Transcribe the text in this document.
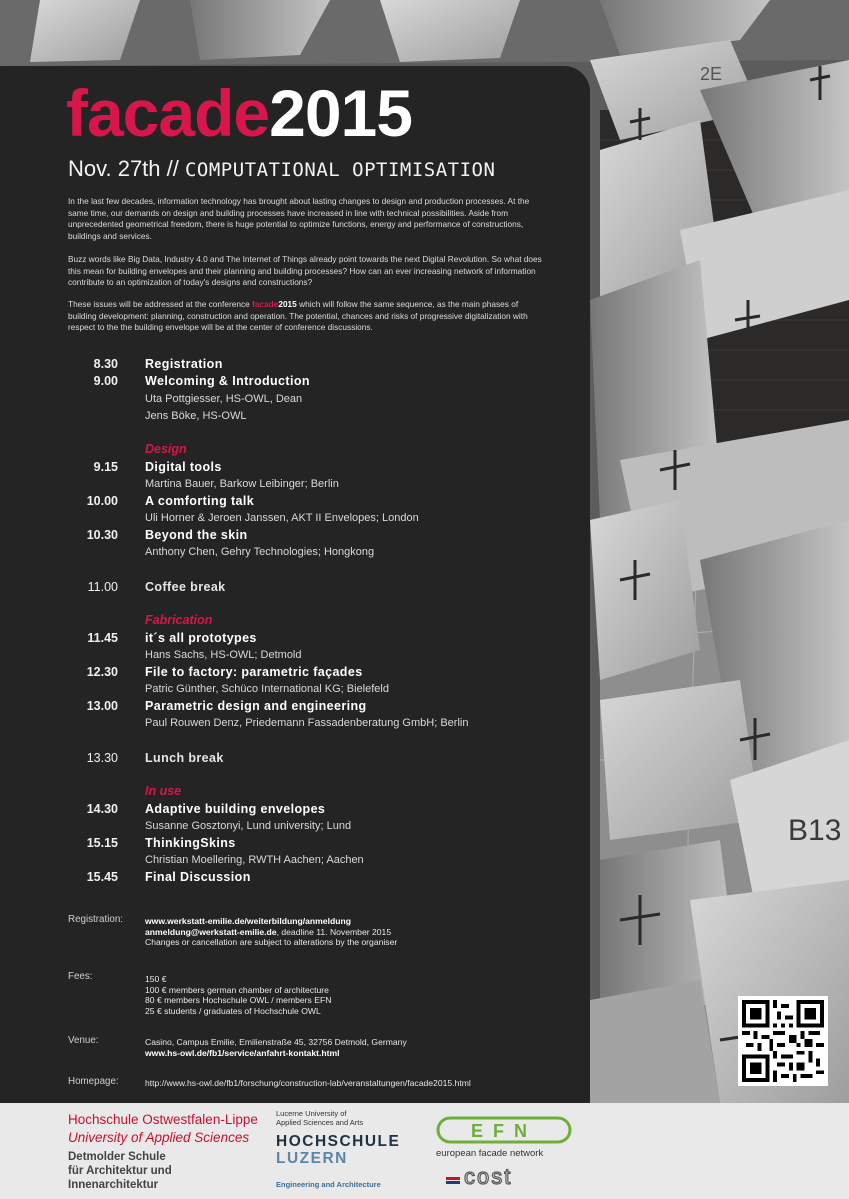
B13
2E
facade2015
Nov. 27th // COMPUTATIONAL OPTIMISATION

In the last few decades, information technology has brought about lasting changes to design and production processes. At the same time, our demands on design and building processes have increased in line with technical possibilities. Aside from unprecedented geometrical freedom, there is huge potential to optimize functions, energy and performance of constructions, buildings and services.

Buzz words like Big Data, Industry 4.0 and The Internet of Things already point towards the next Digital Revolution. So what does this mean for building envelopes and their planning and building processes? How can an ever increasing network of information contribute to an optimization of today's designs and constructions?

These issues will be addressed at the conference facade2015 which will follow the same sequence, as the main phases of building development: planning, construction and operation. The potential, chances and risks of progressive digitalization with respect to the the building envelope will be at the center of conference discussions.

8.30 Registration
9.00 Welcoming & Introduction
Uta Pottgiesser, HS-OWL, Dean
Jens Böke, HS-OWL
Design
9.15 Digital tools
Martina Bauer, Barkow Leibinger; Berlin
10.00 A comforting talk
Uli Horner & Jeroen Janssen, AKT II Envelopes; London
10.30 Beyond the skin
Anthony Chen, Gehry Technologies; Hongkong
11.00 Coffee break
Fabrication
11.45 it´s all prototypes
Hans Sachs, HS-OWL; Detmold
12.30 File to factory: parametric façades
Patric Günther, Schüco International KG; Bielefeld
13.00 Parametric design and engineering
Paul Rouwen Denz, Priedemann Fassadenberatung GmbH; Berlin
13.30 Lunch break
In use
14.30 Adaptive building envelopes
Susanne Gosztonyi, Lund university; Lund
15.15 ThinkingSkins
Christian Moellering, RWTH Aachen; Aachen
15.45 Final Discussion
Registration:	www.werkstatt-emilie.de/weiterbildung/anmeldung
anmeldung@werkstatt-emilie.de, deadline 11. November 2015
Changes or cancellation are subject to alterations by the organiser
Fees:	150 €
100 € members german chamber of architecture
80 € members Hochschule OWL / members EFN
25 € students / graduates of Hochschule OWL
Venue:	Casino, Campus Emilie, Emilienstraße 45, 32756 Detmold, Germany
www.hs-owl.de/fb1/service/anfahrt-kontakt.html
Homepage:	http://www.hs-owl.de/fb1/forschung/construction-lab/veranstaltungen/facade2015.html
Hochschule Ostwestfalen-Lippe
University of Applied Sciences
Detmolder Schule
für Architektur und
Innenarchitektur
Lucerne University of
Applied Sciences and Arts
HOCHSCHULE
LUZERN
Engineering and Architecture
EFN
european facade network
cost
